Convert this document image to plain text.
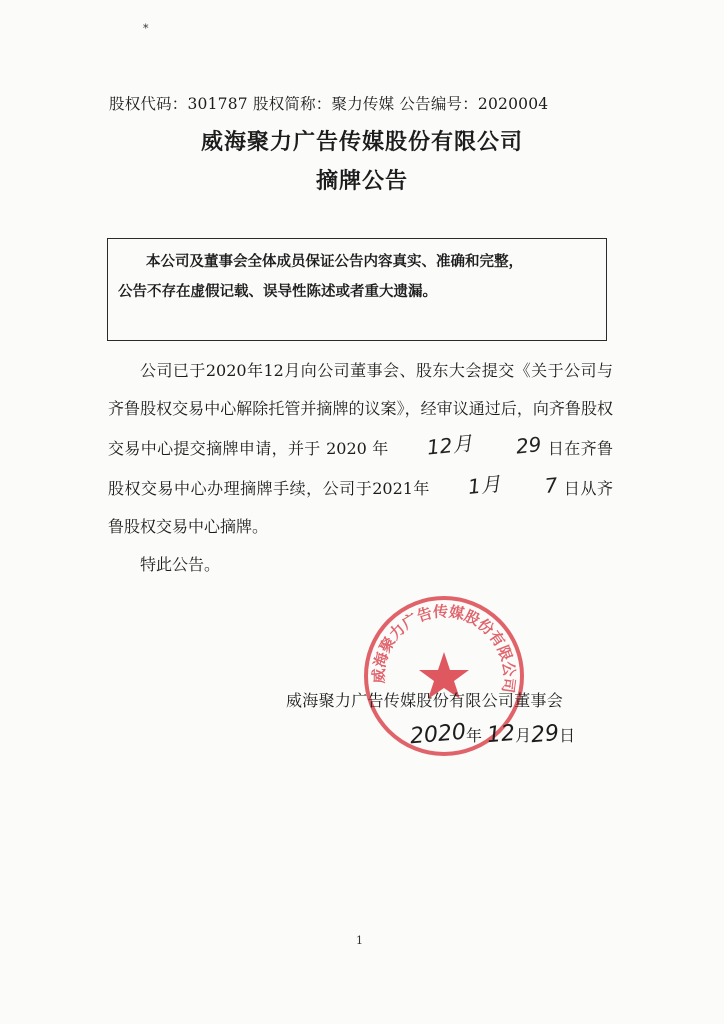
*
股权代码：301787 股权简称：聚力传媒 公告编号：2020004
威海聚力广告传媒股份有限公司
摘牌公告
本公司及董事会全体成员保证公告内容真实、准确和完整，
公告不存在虚假记载、误导性陈述或者重大遗漏。

公司已于2020年12月向公司董事会、股东大会提交《关于公司与齐鲁股权交易中心解除托管并摘牌的议案》，经审议通过后，向齐鲁股权交易中心提交摘牌申请，并于 2020 年 12月 29 日在齐鲁股权交易中心办理摘牌手续，公司于2021年 1月 7 日从齐鲁股权交易中心摘牌。

特此公告。

威海聚力广告传媒股份有限公司
威海聚力广告传媒股份有限公司董事会
2020年 12月29日
1
